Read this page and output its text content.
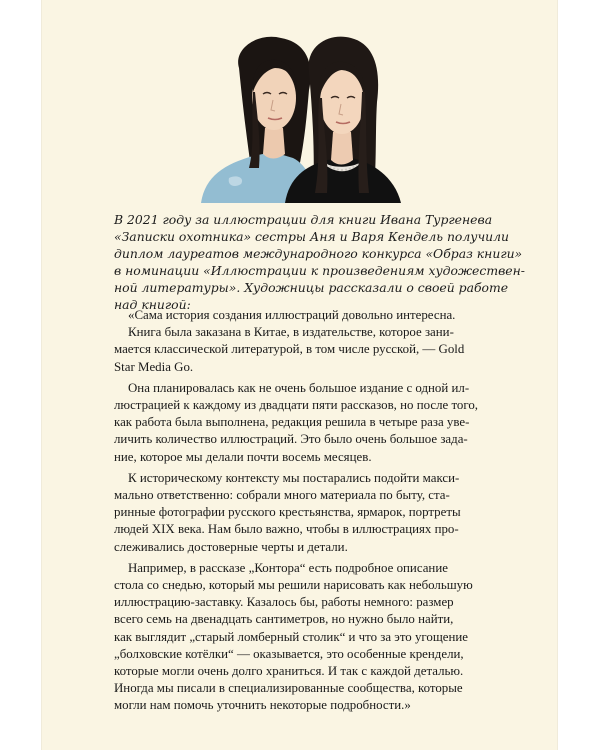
В 2021 году за иллюстрации для книги Ивана Тургенева
«Записки охотника» сестры Аня и Варя Кендель получили
диплом лауреатов международного конкурса «Образ книги»
в номинации «Иллюстрации к произведениям художествен-
ной литературы». Художницы рассказали о своей работе
над книгой:

«Сама история создания иллюстраций довольно интересна.
Книга была заказана в Китае, в издательстве, которое зани-
мается классической литературой, в том числе русской, — Gold
Star Media Go.

Она планировалась как не очень большое издание с одной ил-
люстрацией к каждому из двадцати пяти рассказов, но после того,
как работа была выполнена, редакция решила в четыре раза уве-
личить количество иллюстраций. Это было очень большое зада-
ние, которое мы делали почти восемь месяцев.

К историческому контексту мы постарались подойти макси-
мально ответственно: собрали много материала по быту, ста-
ринные фотографии русского крестьянства, ярмарок, портреты
людей XIX века. Нам было важно, чтобы в иллюстрациях про-
слеживались достоверные черты и детали.

Например, в рассказе „Контора“ есть подробное описание
стола со снедью, который мы решили нарисовать как небольшую
иллюстрацию-заставку. Казалось бы, работы немного: размер
всего семь на двенадцать сантиметров, но нужно было найти,
как выглядит „старый ломберный столик“ и что за это угощение
„болховские котёлки“ — оказывается, это особенные крендели,
которые могли очень долго храниться. И так с каждой деталью.
Иногда мы писали в специализированные сообщества, которые
могли нам помочь уточнить некоторые подробности.»
